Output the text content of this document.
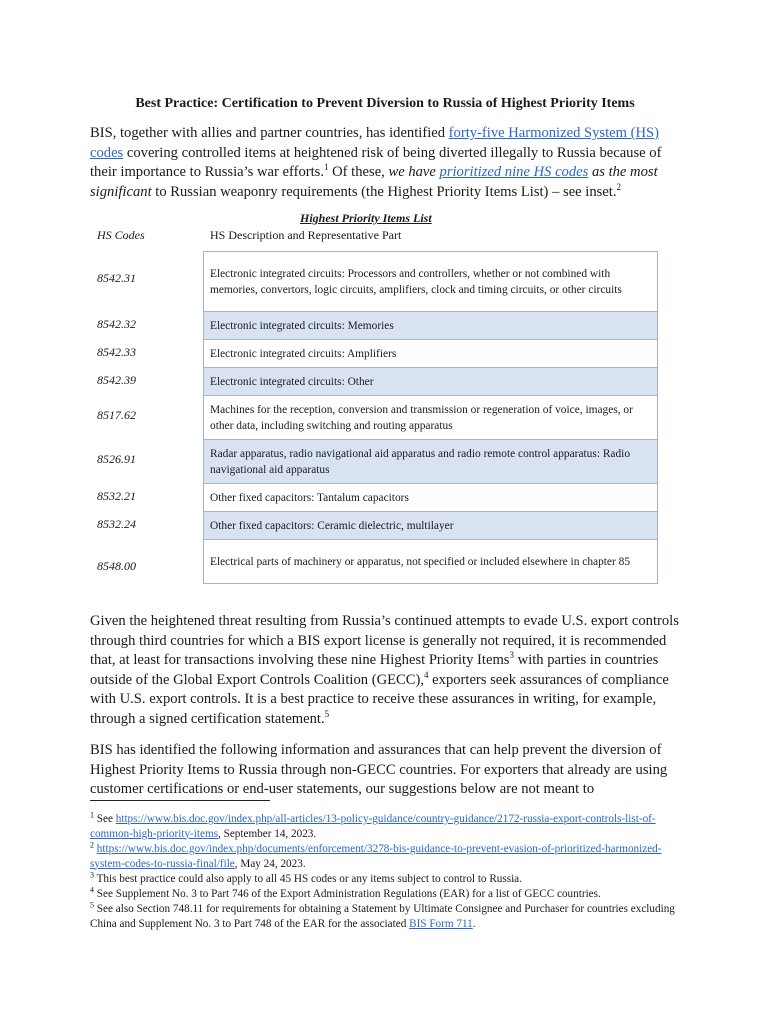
Best Practice: Certification to Prevent Diversion to Russia of Highest Priority Items
BIS, together with allies and partner countries, has identified forty-five Harmonized System (HS) codes covering controlled items at heightened risk of being diverted illegally to Russia because of their importance to Russia’s war efforts.$^1$ Of these, we have prioritized nine HS codes as the most significant to Russian weaponry requirements (the Highest Priority Items List) – see inset.$^2$
Highest Priority Items List
HS Codes	HS Description and Representative Part
8542.31	Electronic integrated circuits: Processors and controllers, whether or not combined with memories, convertors, logic circuits, amplifiers, clock and timing circuits, or other circuits
8542.32	Electronic integrated circuits: Memories
8542.33	Electronic integrated circuits: Amplifiers
8542.39	Electronic integrated circuits: Other
8517.62	Machines for the reception, conversion and transmission or regeneration of voice, images, or other data, including switching and routing apparatus
8526.91	Radar apparatus, radio navigational aid apparatus and radio remote control apparatus: Radio navigational aid apparatus
8532.21	Other fixed capacitors: Tantalum capacitors
8532.24	Other fixed capacitors: Ceramic dielectric, multilayer
8548.00	Electrical parts of machinery or apparatus, not specified or included elsewhere in chapter 85
Given the heightened threat resulting from Russia’s continued attempts to evade U.S. export controls through third countries for which a BIS export license is generally not required, it is recommended that, at least for transactions involving these nine Highest Priority Items$^3$ with parties in countries outside of the Global Export Controls Coalition (GECC),$^4$ exporters seek assurances of compliance with U.S. export controls. It is a best practice to receive these assurances in writing, for example, through a signed certification statement.$^5$
BIS has identified the following information and assurances that can help prevent the diversion of Highest Priority Items to Russia through non-GECC countries. For exporters that already are using customer certifications or end-user statements, our suggestions below are not meant to
$^1$ See https://www.bis.doc.gov/index.php/all-articles/13-policy-guidance/country-guidance/2172-russia-export-controls-list-of-common-high-priority-items, September 14, 2023.
$^2$ https://www.bis.doc.gov/index.php/documents/enforcement/3278-bis-guidance-to-prevent-evasion-of-prioritized-harmonized-system-codes-to-russia-final/file, May 24, 2023.
$^3$ This best practice could also apply to all 45 HS codes or any items subject to control to Russia.
$^4$ See Supplement No. 3 to Part 746 of the Export Administration Regulations (EAR) for a list of GECC countries.
$^5$ See also Section 748.11 for requirements for obtaining a Statement by Ultimate Consignee and Purchaser for countries excluding China and Supplement No. 3 to Part 748 of the EAR for the associated BIS Form 711.
